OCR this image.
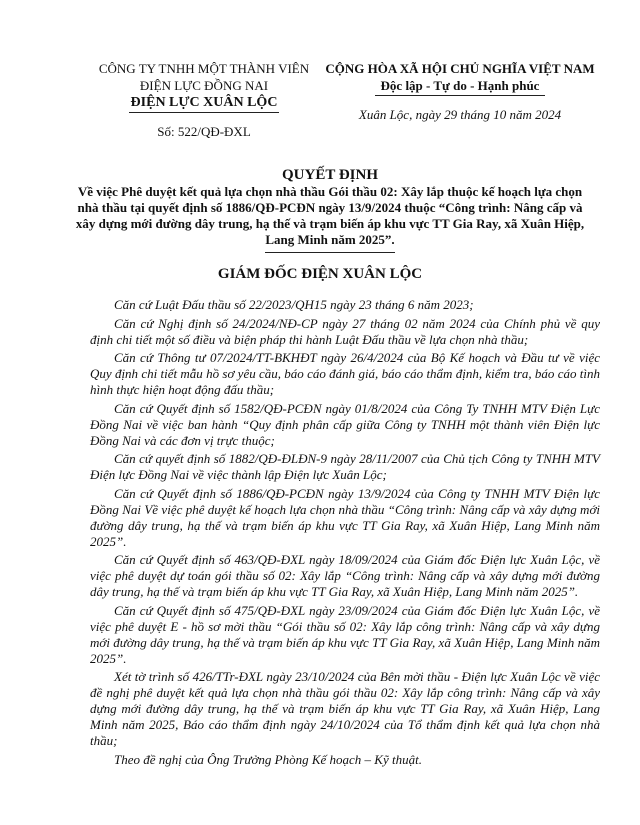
CÔNG TY TNHH MỘT THÀNH VIÊN
ĐIỆN LỰC ĐỒNG NAI
ĐIỆN LỰC XUÂN LỘC
Số: 522/QĐ-ĐXL
CỘNG HÒA XÃ HỘI CHỦ NGHĨA VIỆT NAM
Độc lập - Tự do - Hạnh phúc
Xuân Lộc, ngày 29 tháng 10 năm 2024
QUYẾT ĐỊNH
Về việc Phê duyệt kết quả lựa chọn nhà thầu Gói thầu 02: Xây lắp thuộc kế hoạch lựa chọn nhà thầu tại quyết định số 1886/QĐ-PCĐN ngày 13/9/2024 thuộc “Công trình: Nâng cấp và xây dựng mới đường dây trung, hạ thế và trạm biến áp khu vực TT Gia Ray, xã Xuân Hiệp, Lang Minh năm 2025”.
GIÁM ĐỐC ĐIỆN XUÂN LỘC

Căn cứ Luật Đấu thầu số 22/2023/QH15 ngày 23 tháng 6 năm 2023;

Căn cứ Nghị định số 24/2024/NĐ-CP ngày 27 tháng 02 năm 2024 của Chính phủ về quy định chi tiết một số điều và biện pháp thi hành Luật Đấu thầu về lựa chọn nhà thầu;

Căn cứ Thông tư 07/2024/TT-BKHĐT ngày 26/4/2024 của Bộ Kế hoạch và Đầu tư về việc Quy định chi tiết mẫu hồ sơ yêu cầu, báo cáo đánh giá, báo cáo thẩm định, kiểm tra, báo cáo tình hình thực hiện hoạt động đấu thầu;

Căn cứ Quyết định số 1582/QĐ-PCĐN ngày 01/8/2024 của Công Ty TNHH MTV Điện Lực Đồng Nai về việc ban hành “Quy định phân cấp giữa Công ty TNHH một thành viên Điện lực Đồng Nai và các đơn vị trực thuộc;

Căn cứ quyết định số 1882/QĐ-ĐLĐN-9 ngày 28/11/2007 của Chủ tịch Công ty TNHH MTV Điện lực Đồng Nai về việc thành lập Điện lực Xuân Lộc;

Căn cứ Quyết định số 1886/QĐ-PCĐN ngày 13/9/2024 của Công ty TNHH MTV Điện lực Đồng Nai Về việc phê duyệt kế hoạch lựa chọn nhà thầu “Công trình: Nâng cấp và xây dựng mới đường dây trung, hạ thế và trạm biến áp khu vực TT Gia Ray, xã Xuân Hiệp, Lang Minh năm 2025”.

Căn cứ Quyết định số 463/QĐ-ĐXL ngày 18/09/2024 của Giám đốc Điện lực Xuân Lộc, về việc phê duyệt dự toán gói thầu số 02: Xây lắp “Công trình: Nâng cấp và xây dựng mới đường dây trung, hạ thế và trạm biến áp khu vực TT Gia Ray, xã Xuân Hiệp, Lang Minh năm 2025”.

Căn cứ Quyết định số 475/QĐ-ĐXL ngày 23/09/2024 của Giám đốc Điện lực Xuân Lộc, về việc phê duyệt E - hồ sơ mời thầu “Gói thầu số 02: Xây lắp công trình: Nâng cấp và xây dựng mới đường dây trung, hạ thế và trạm biến áp khu vực TT Gia Ray, xã Xuân Hiệp, Lang Minh năm 2025”.

Xét tờ trình số 426/TTr-ĐXL ngày 23/10/2024 của Bên mời thầu - Điện lực Xuân Lộc về việc đề nghị phê duyệt kết quả lựa chọn nhà thầu gói thầu 02: Xây lắp công trình: Nâng cấp và xây dựng mới đường dây trung, hạ thế và trạm biến áp khu vực TT Gia Ray, xã Xuân Hiệp, Lang Minh năm 2025, Báo cáo thẩm định ngày 24/10/2024 của Tổ thẩm định kết quả lựa chọn nhà thầu;

Theo đề nghị của Ông Trưởng Phòng Kế hoạch – Kỹ thuật.
